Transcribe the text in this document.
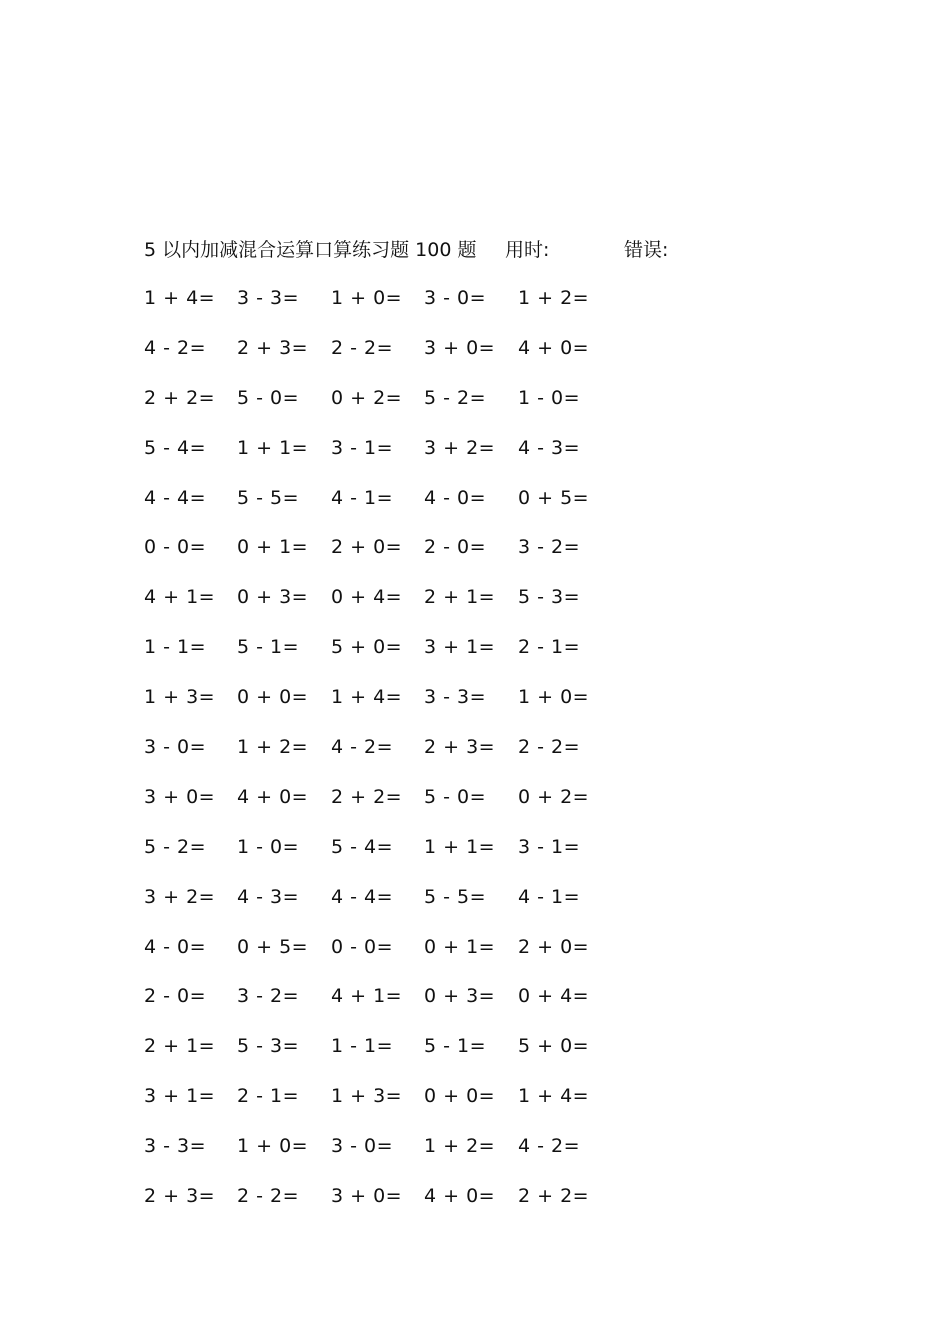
5 以内加减混合运算口算练习题 100 题 用时:	错误:
1 + 4= 3 - 3= 1 + 0= 3 - 0= 1 + 2=
4 - 2= 2 + 3= 2 - 2= 3 + 0= 4 + 0=
2 + 2= 5 - 0= 0 + 2= 5 - 2= 1 - 0=
5 - 4= 1 + 1= 3 - 1= 3 + 2= 4 - 3=
4 - 4= 5 - 5= 4 - 1= 4 - 0= 0 + 5=
0 - 0= 0 + 1= 2 + 0= 2 - 0= 3 - 2=
4 + 1= 0 + 3= 0 + 4= 2 + 1= 5 - 3=
1 - 1= 5 - 1= 5 + 0= 3 + 1= 2 - 1=
1 + 3= 0 + 0= 1 + 4= 3 - 3= 1 + 0=
3 - 0= 1 + 2= 4 - 2= 2 + 3= 2 - 2=
3 + 0= 4 + 0= 2 + 2= 5 - 0= 0 + 2=
5 - 2= 1 - 0= 5 - 4= 1 + 1= 3 - 1=
3 + 2= 4 - 3= 4 - 4= 5 - 5= 4 - 1=
4 - 0= 0 + 5= 0 - 0= 0 + 1= 2 + 0=
2 - 0= 3 - 2= 4 + 1= 0 + 3= 0 + 4=
2 + 1= 5 - 3= 1 - 1= 5 - 1= 5 + 0=
3 + 1= 2 - 1= 1 + 3= 0 + 0= 1 + 4=
3 - 3= 1 + 0= 3 - 0= 1 + 2= 4 - 2=
2 + 3= 2 - 2= 3 + 0= 4 + 0= 2 + 2=
